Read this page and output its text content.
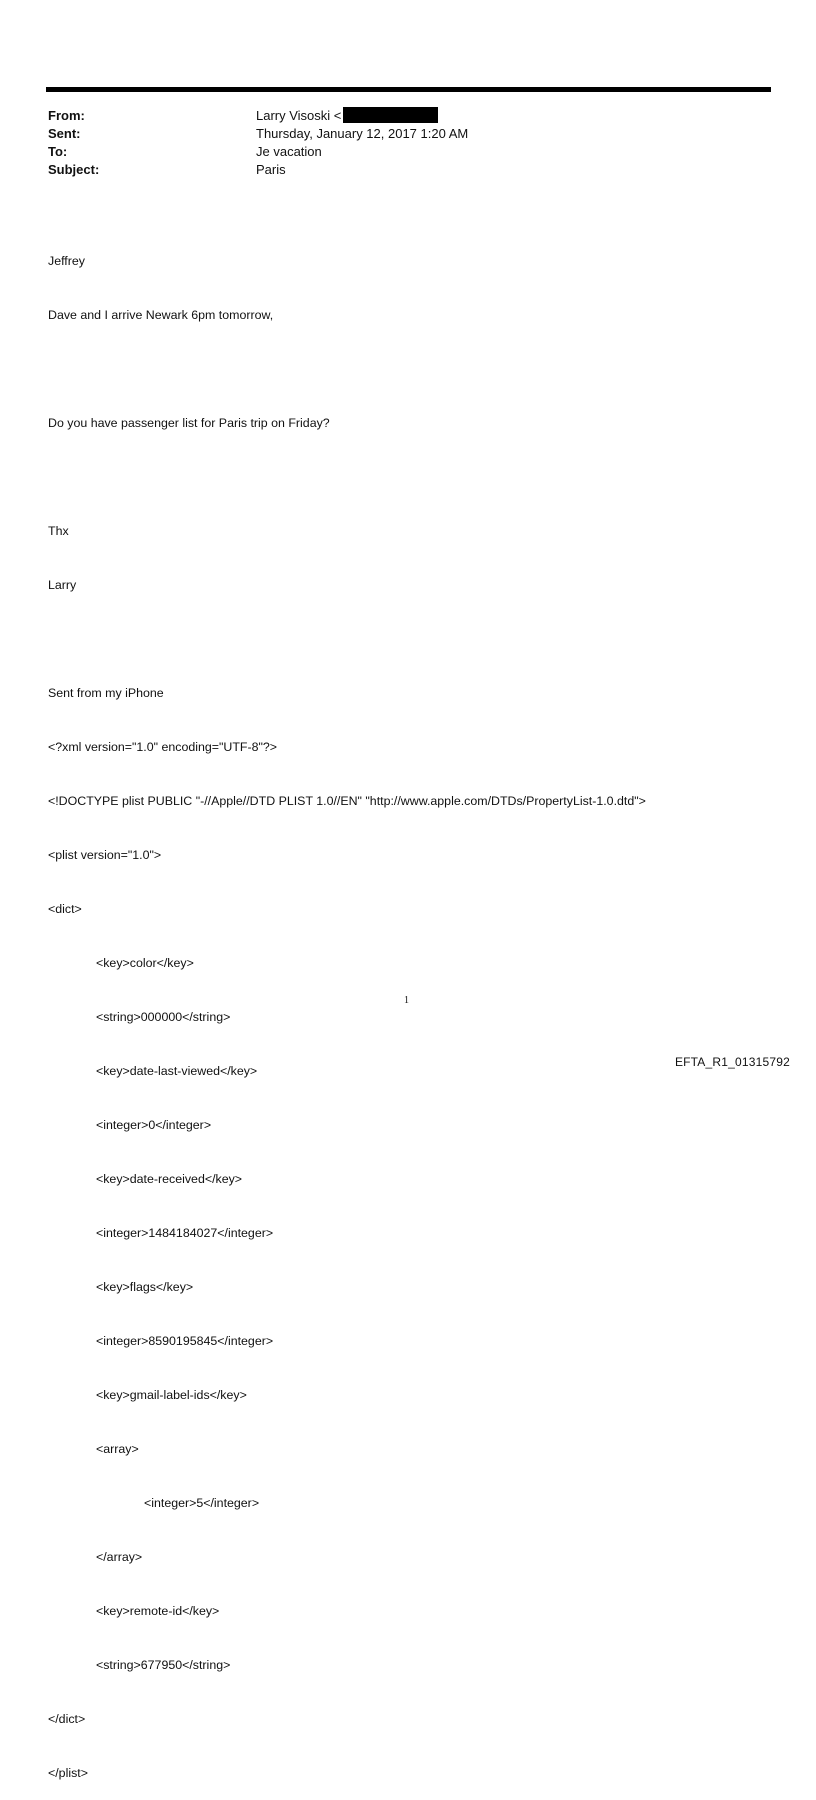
From:	Larry Visoski <
Sent:	Thursday, January 12, 2017 1:20 AM
To:	Je vacation
Subject:	Paris

Jeffrey

Dave and I arrive Newark 6pm tomorrow,

Do you have passenger list for Paris trip on Friday?

Thx

Larry

Sent from my iPhone

<?xml version="1.0" encoding="UTF-8"?>

<!DOCTYPE plist PUBLIC "-//Apple//DTD PLIST 1.0//EN" "http://www.apple.com/DTDs/PropertyList-1.0.dtd">

<plist version="1.0">

<dict>

<key>color</key>

<string>000000</string>

<key>date-last-viewed</key>

<integer>0</integer>

<key>date-received</key>

<integer>1484184027</integer>

<key>flags</key>

<integer>8590195845</integer>

<key>gmail-label-ids</key>

<array>

<integer>5</integer>

</array>

<key>remote-id</key>

<string>677950</string>

</dict>

</plist>

1
EFTA_R1_01315792
